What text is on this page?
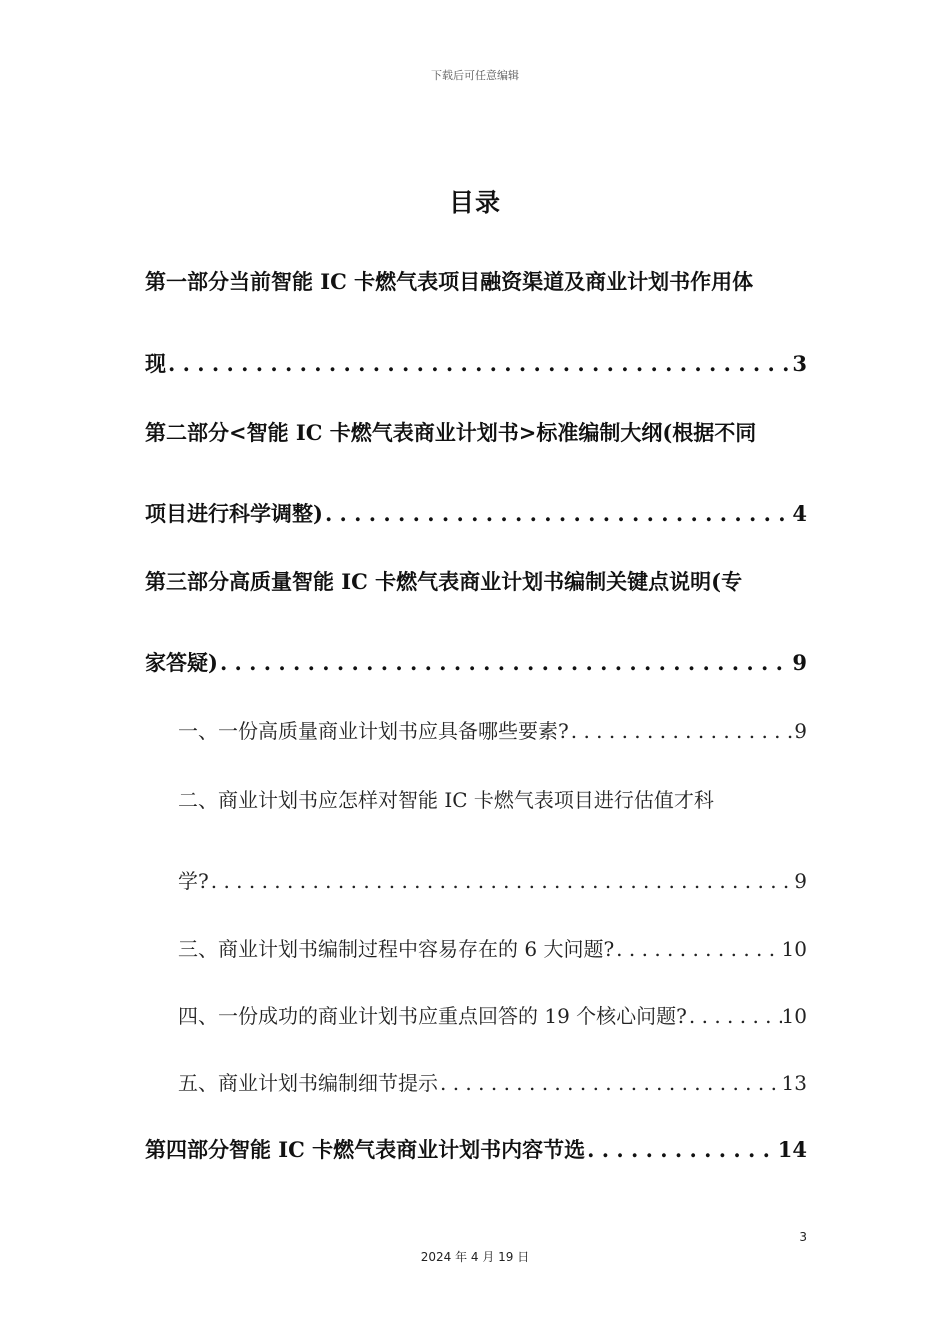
下载后可任意编辑
目录
第一部分当前智能 IC 卡燃气表项目融资渠道及商业计划书作用体
现 . . .	3
第二部分<智能 IC 卡燃气表商业计划书>标准编制大纲(根据不同
项目进行科学调整) . . .	4
第三部分高质量智能 IC 卡燃气表商业计划书编制关键点说明(专
家答疑) . . .	9
一、一份高质量商业计划书应具备哪些要素? . . .	9
二、商业计划书应怎样对智能 IC 卡燃气表项目进行估值才科
学? . . .	9
三、商业计划书编制过程中容易存在的 6 大问题? . . .	10
四、一份成功的商业计划书应重点回答的 19 个核心问题? . . .	10
五、商业计划书编制细节提示 . . .	13
第四部分智能 IC 卡燃气表商业计划书内容节选 . . .	14
3
2024 年 4 月 19 日
